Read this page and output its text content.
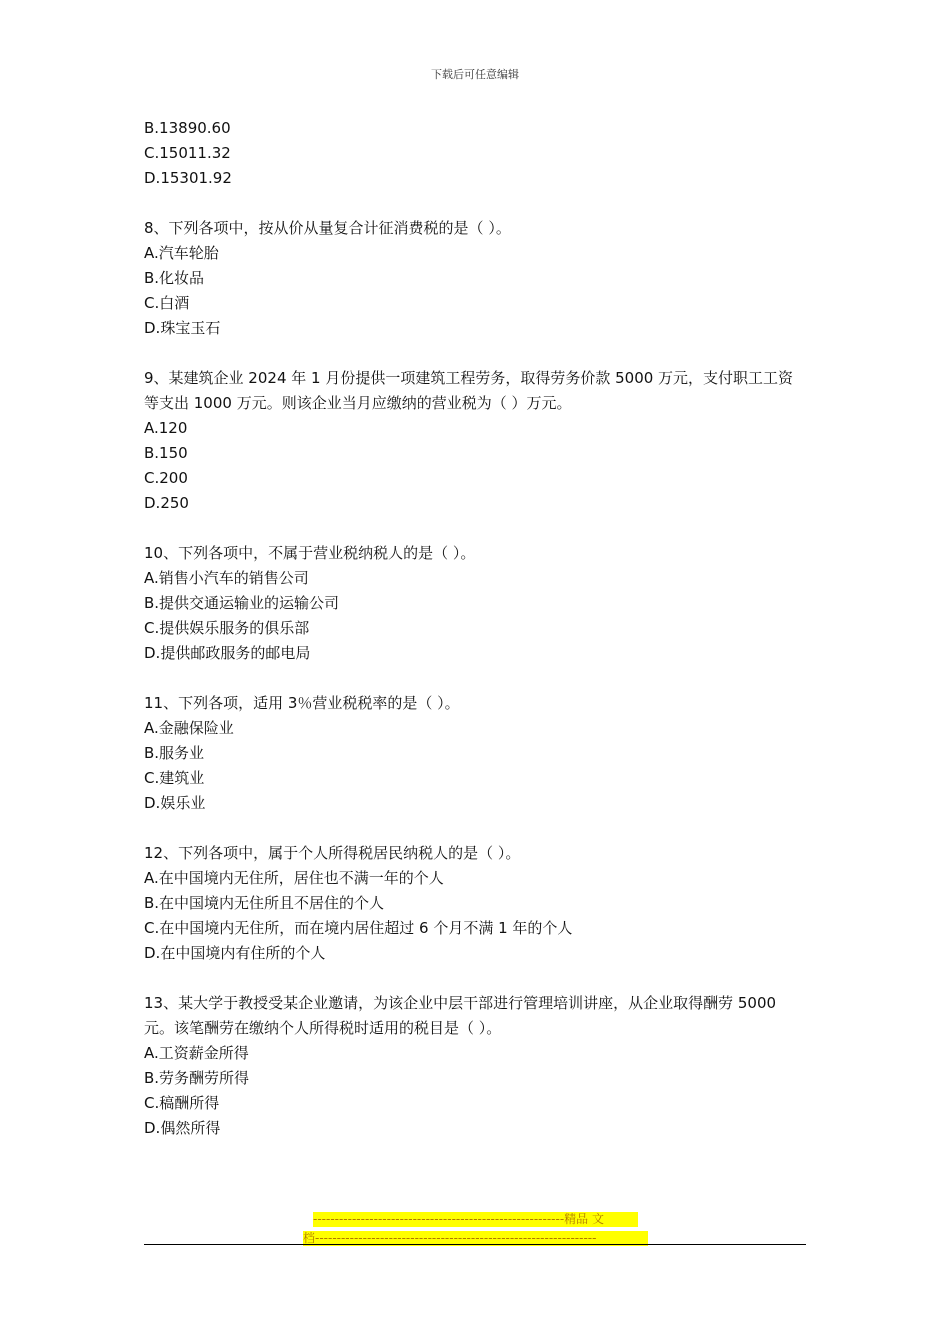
下载后可任意编辑
B.13890.60
C.15011.32
D.15301.92
8、下列各项中，按从价从量复合计征消费税的是（ ）。
A.汽车轮胎
B.化妆品
C.白酒
D.珠宝玉石
9、某建筑企业 2024 年 1 月份提供一项建筑工程劳务，取得劳务价款 5000 万元，支付职工工资等支出 1000 万元。则该企业当月应缴纳的营业税为（ ）万元。
A.120
B.150
C.200
D.250
10、下列各项中，不属于营业税纳税人的是（ ）。
A.销售小汽车的销售公司
B.提供交通运输业的运输公司
C.提供娱乐服务的俱乐部
D.提供邮政服务的邮电局
11、下列各项，适用 3％营业税税率的是（ ）。
A.金融保险业
B.服务业
C.建筑业
D.娱乐业
12、下列各项中，属于个人所得税居民纳税人的是（ ）。
A.在中国境内无住所，居住也不满一年的个人
B.在中国境内无住所且不居住的个人
C.在中国境内无住所，而在境内居住超过 6 个月不满 1 年的个人
D.在中国境内有住所的个人
13、某大学于教授受某企业邀请，为该企业中层干部进行管理培训讲座，从企业取得酬劳 5000 元。该笔酬劳在缴纳个人所得税时适用的税目是（ ）。
A.工资薪金所得
B.劳务酬劳所得
C.稿酬所得
D.偶然所得
----------------------------------------------------------精品 文
档-----------------------------------------------------------------
